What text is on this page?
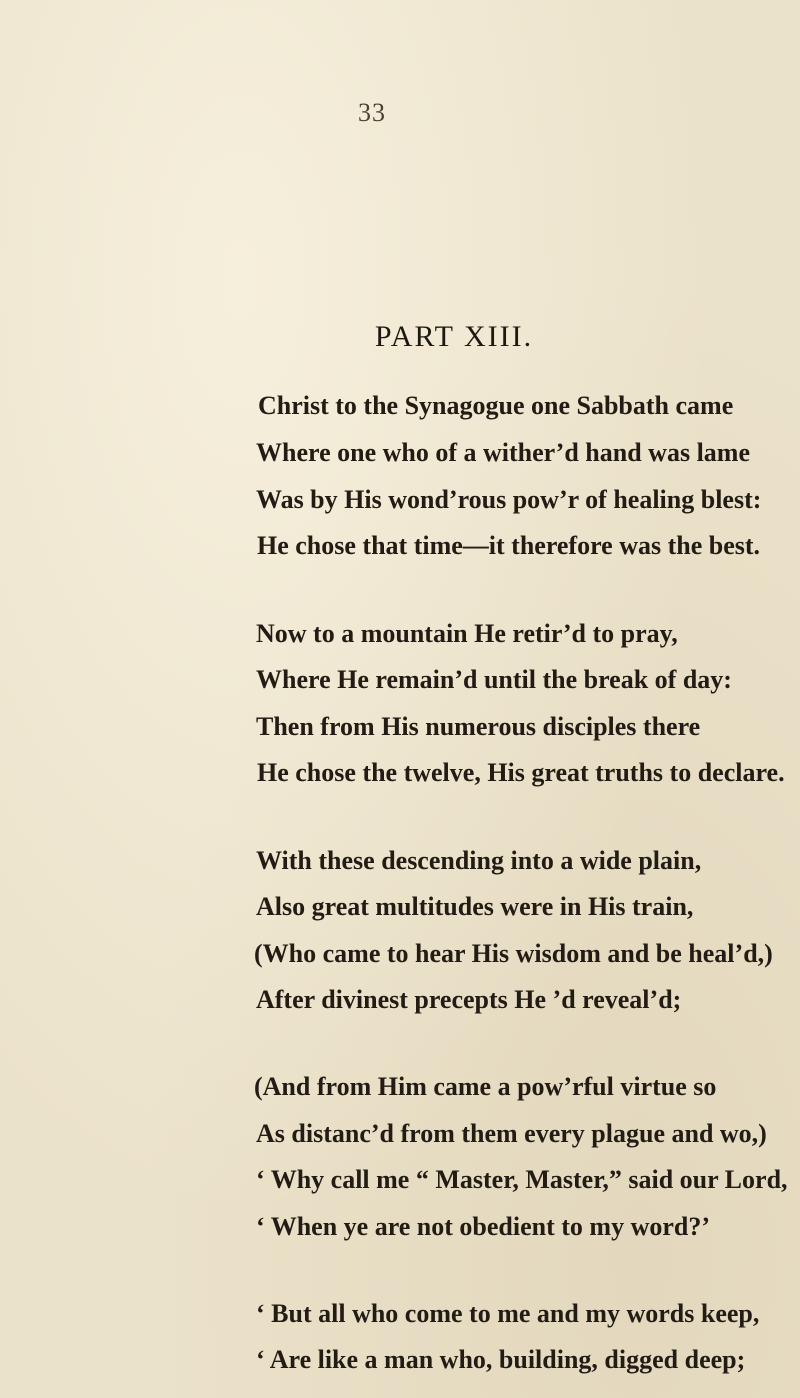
33
PART XIII.
Christ to the Synagogue one Sabbath came
Where one who of a wither’d hand was lame
Was by His wond’rous pow’r of healing blest:
He chose that time—it therefore was the best.
Now to a mountain He retir’d to pray,
Where He remain’d until the break of day:
Then from His numerous disciples there
He chose the twelve, His great truths to declare.
With these descending into a wide plain,
Also great multitudes were in His train,
(Who came to hear His wisdom and be heal’d,)
After divinest precepts He ’d reveal’d;
(And from Him came a pow’rful virtue so
As distanc’d from them every plague and wo,)
‘ Why call me “ Master, Master,” said our Lord,
‘ When ye are not obedient to my word?’
‘ But all who come to me and my words keep,
‘ Are like a man who, building, digged deep;
